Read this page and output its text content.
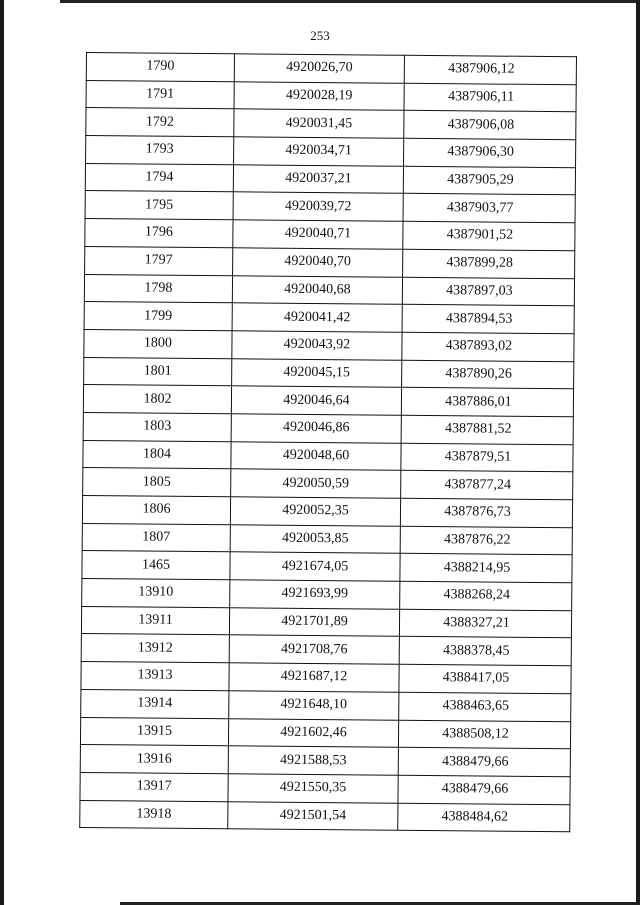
253
1790	4920026,70	4387906,12
1791	4920028,19	4387906,11
1792	4920031,45	4387906,08
1793	4920034,71	4387906,30
1794	4920037,21	4387905,29
1795	4920039,72	4387903,77
1796	4920040,71	4387901,52
1797	4920040,70	4387899,28
1798	4920040,68	4387897,03
1799	4920041,42	4387894,53
1800	4920043,92	4387893,02
1801	4920045,15	4387890,26
1802	4920046,64	4387886,01
1803	4920046,86	4387881,52
1804	4920048,60	4387879,51
1805	4920050,59	4387877,24
1806	4920052,35	4387876,73
1807	4920053,85	4387876,22
1465	4921674,05	4388214,95
13910	4921693,99	4388268,24
13911	4921701,89	4388327,21
13912	4921708,76	4388378,45
13913	4921687,12	4388417,05
13914	4921648,10	4388463,65
13915	4921602,46	4388508,12
13916	4921588,53	4388479,66
13917	4921550,35	4388479,66
13918	4921501,54	4388484,62
